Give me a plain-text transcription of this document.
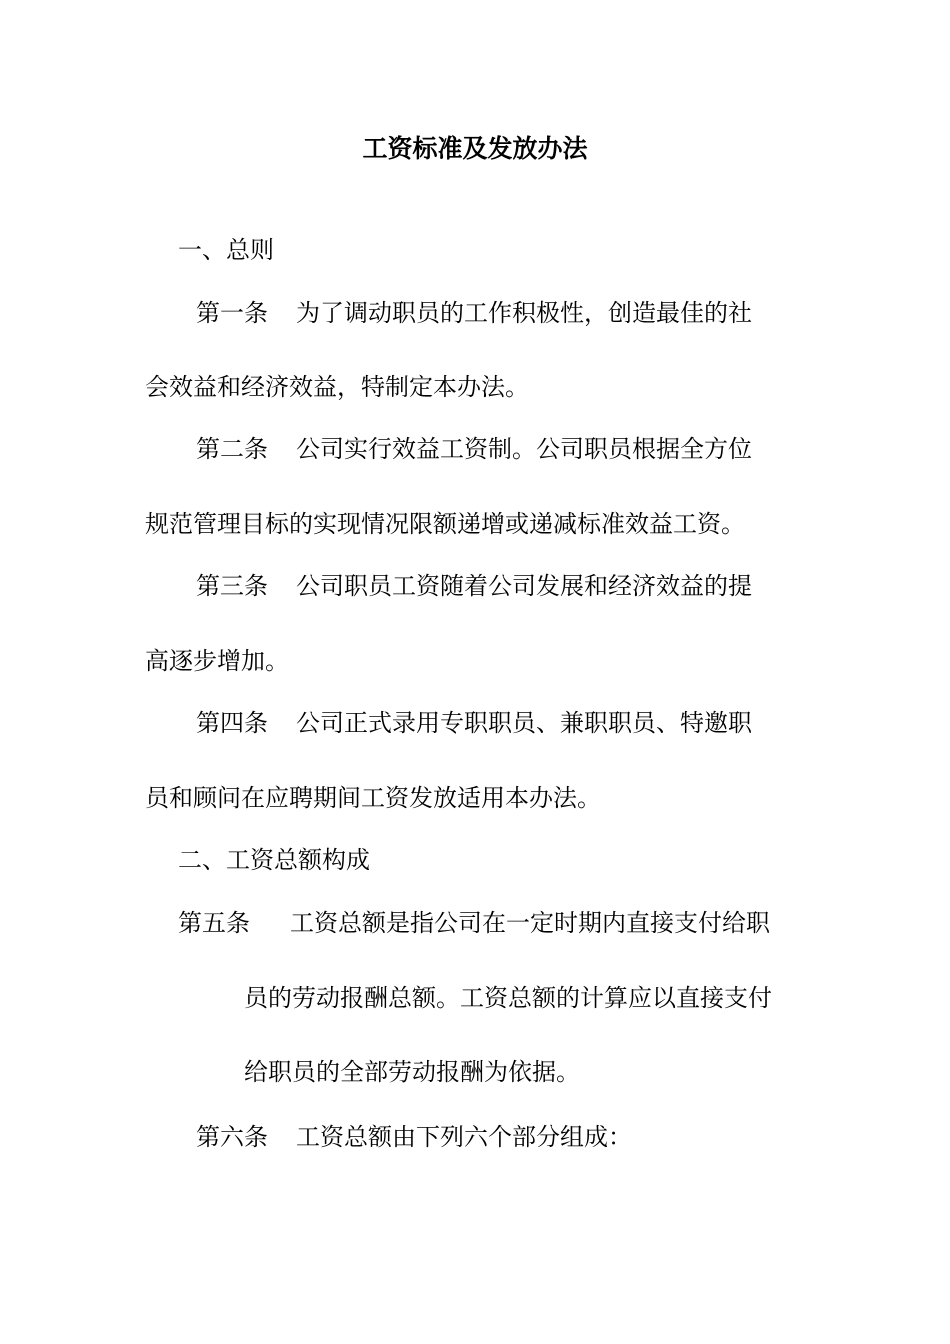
工资标准及发放办法
一、总则
第一条 为了调动职员的工作积极性，创造最佳的社
会效益和经济效益，特制定本办法。
第二条 公司实行效益工资制。公司职员根据全方位
规范管理目标的实现情况限额递增或递减标准效益工资。
第三条 公司职员工资随着公司发展和经济效益的提
高逐步增加。
第四条 公司正式录用专职职员、兼职职员、特邀职
员和顾问在应聘期间工资发放适用本办法。
二、工资总额构成
第五条 工资总额是指公司在一定时期内直接支付给职
员的劳动报酬总额。工资总额的计算应以直接支付
给职员的全部劳动报酬为依据。
第六条 工资总额由下列六个部分组成：
